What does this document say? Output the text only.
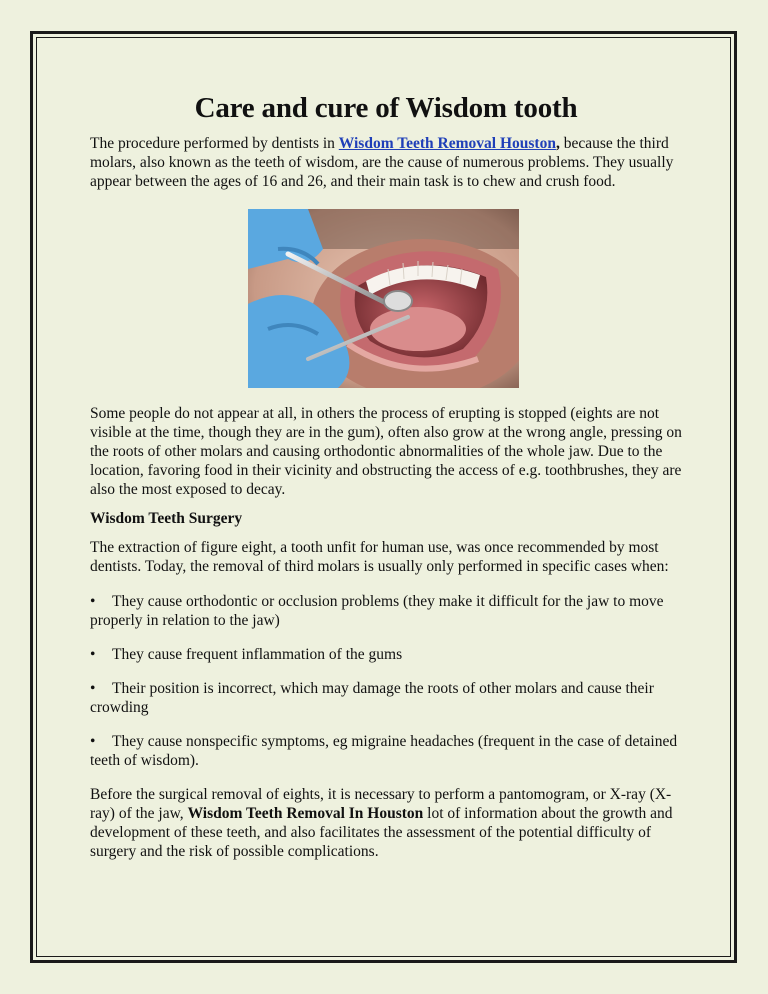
Care and cure of Wisdom tooth

The procedure performed by dentists in Wisdom Teeth Removal Houston, because the third molars, also known as the teeth of wisdom, are the cause of numerous problems. They usually appear between the ages of 16 and 26, and their main task is to chew and crush food.

Some people do not appear at all, in others the process of erupting is stopped (eights are not visible at the time, though they are in the gum), often also grow at the wrong angle, pressing on the roots of other molars and causing orthodontic abnormalities of the whole jaw. Due to the location, favoring food in their vicinity and obstructing the access of e.g. toothbrushes, they are also the most exposed to decay.

Wisdom Teeth Surgery

The extraction of figure eight, a tooth unfit for human use, was once recommended by most dentists. Today, the removal of third molars is usually only performed in specific cases when:

• They cause orthodontic or occlusion problems (they make it difficult for the jaw to move properly in relation to the jaw)

• They cause frequent inflammation of the gums

• Their position is incorrect, which may damage the roots of other molars and cause their crowding

• They cause nonspecific symptoms, eg migraine headaches (frequent in the case of detained teeth of wisdom).

Before the surgical removal of eights, it is necessary to perform a pantomogram, or X-ray (X-ray) of the jaw, Wisdom Teeth Removal In Houston lot of information about the growth and development of these teeth, and also facilitates the assessment of the potential difficulty of surgery and the risk of possible complications.
